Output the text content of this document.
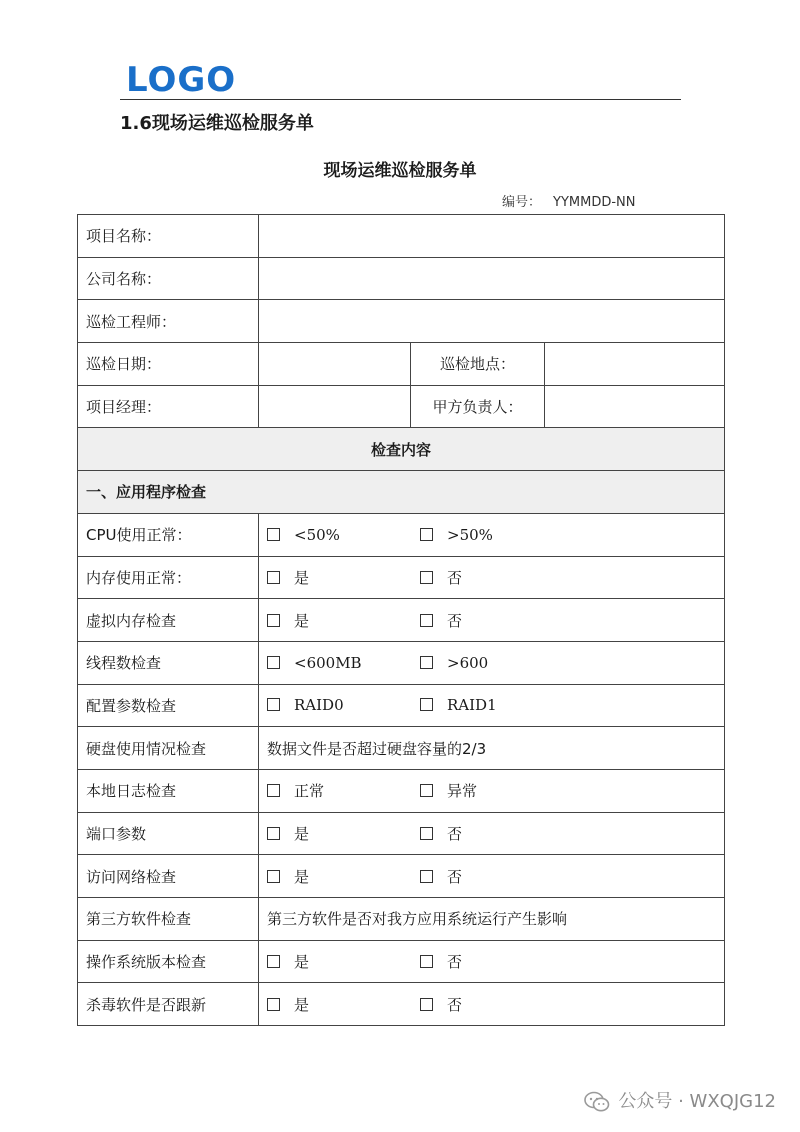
LOGO
1.6现场运维巡检服务单
现场运维巡检服务单
编号： YYMMDD-NN
项目名称：			
公司名称：			
巡检工程师：			
巡检日期：		巡检地点：	
项目经理：		甲方负责人：	
检查内容			
一、应用程序检查			
CPU使用正常：	<50% >50%		
内存使用正常：	是 否		
虚拟内存检查	是 否		
线程数检查	<600MB >600		
配置参数检查	RAID0 RAID1		
硬盘使用情况检查	数据文件是否超过硬盘容量的2/3		
本地日志检查	正常 异常		
端口参数	是 否		
访问网络检查	是 否		
第三方软件检查	第三方软件是否对我方应用系统运行产生影响		
操作系统版本检查	是 否		
杀毒软件是否跟新	是 否		
公众号 · WXQJG12
